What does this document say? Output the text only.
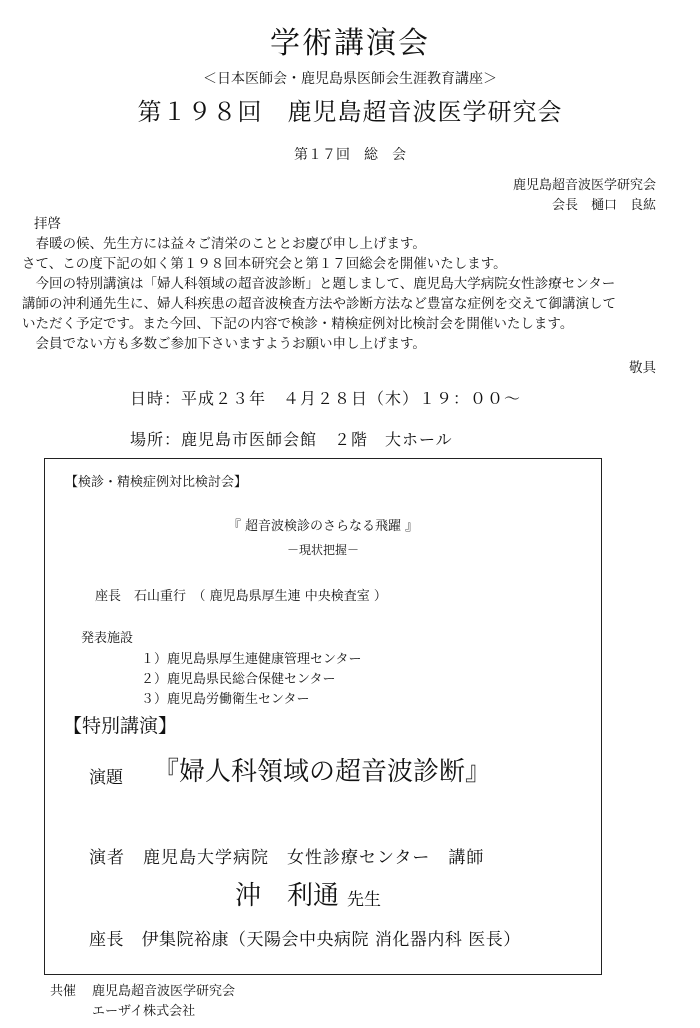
学術講演会
＜日本医師会・鹿児島県医師会生涯教育講座＞
第１９８回　鹿児島超音波医学研究会
第１７回　総　会
鹿児島超音波医学研究会
会長　樋口　良紘
拝啓
　春暖の候、先生方には益々ご清栄のこととお慶び申し上げます。
さて、この度下記の如く第１９８回本研究会と第１７回総会を開催いたします。
　今回の特別講演は「婦人科領域の超音波診断」と題しまして、鹿児島大学病院女性診療センター
講師の沖利通先生に、婦人科疾患の超音波検査方法や診断方法など豊富な症例を交えて御講演して
いただく予定です。また今回、下記の内容で検診・精検症例対比検討会を開催いたします。
　会員でない方も多数ご参加下さいますようお願い申し上げます。
敬具
日時：平成２３年　４月２８日（木）１９：００〜
場所：鹿児島市医師会館　２階　大ホール
【検診・精検症例対比検討会】
『 超音波検診のさらなる飛躍 』
－現状把握－
座長　石山重行　（ 鹿児島県厚生連 中央検査室 ）
発表施設
１）鹿児島県厚生連健康管理センター
２）鹿児島県民総合保健センター
３）鹿児島労働衛生センター
【特別講演】
演題 『婦人科領域の超音波診断』
演者　鹿児島大学病院　女性診療センター　講師
沖　利通 先生
座長　伊集院裕康（天陽会中央病院 消化器内科 医長）
共催 鹿児島超音波医学研究会
エーザイ株式会社
